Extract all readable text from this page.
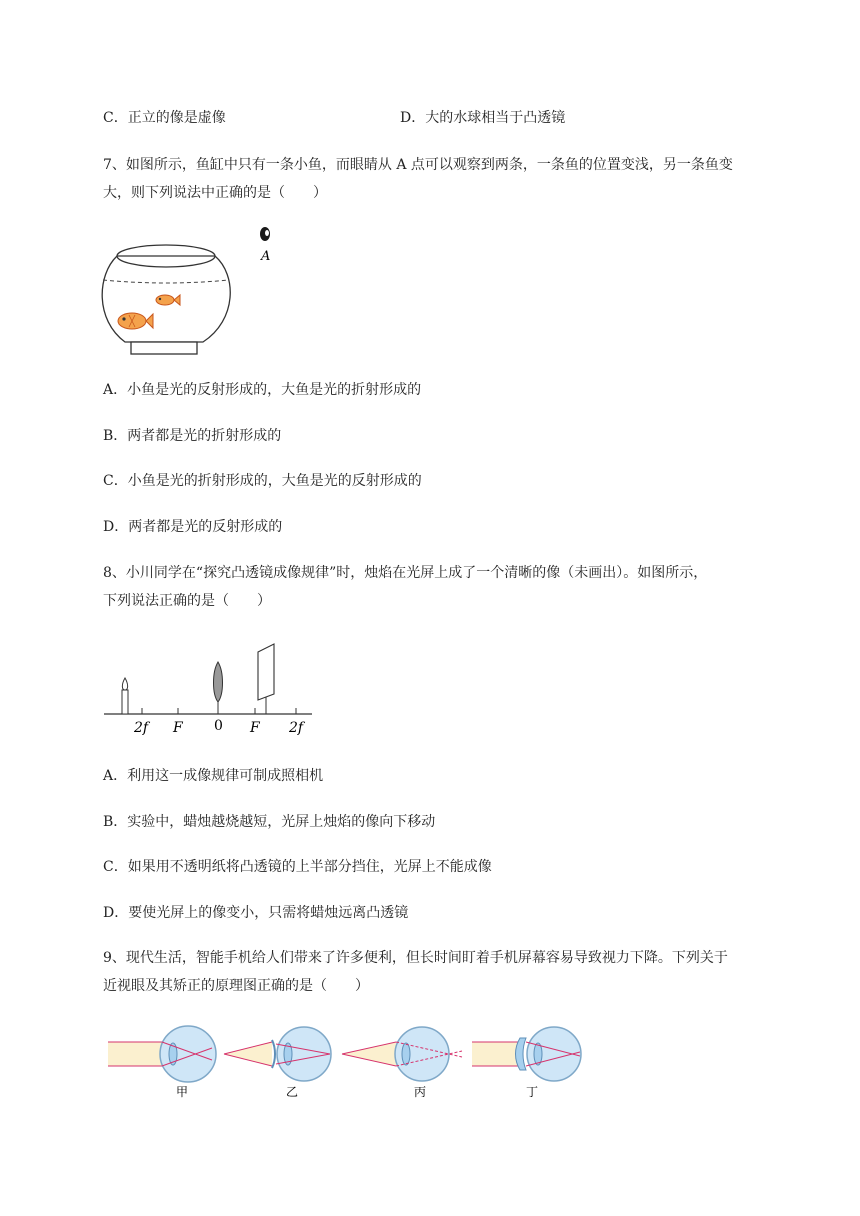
C．正立的像是虚像	D．大的水球相当于凸透镜
7、如图所示，鱼缸中只有一条小鱼，而眼睛从 A 点可以观察到两条，一条鱼的位置变浅，另一条鱼变
大，则下列说法中正确的是（　　）
A
A．小鱼是光的反射形成的，大鱼是光的折射形成的
B．两者都是光的折射形成的
C．小鱼是光的折射形成的，大鱼是光的反射形成的
D．两者都是光的反射形成的
8、小川同学在“探究凸透镜成像规律”时，烛焰在光屏上成了一个清晰的像（未画出）。如图所示，
下列说法正确的是（　　）
2f F 0 F 2f
A．利用这一成像规律可制成照相机
B．实验中，蜡烛越烧越短，光屏上烛焰的像向下移动
C．如果用不透明纸将凸透镜的上半部分挡住，光屏上不能成像
D．要使光屏上的像变小，只需将蜡烛远离凸透镜
9、现代生活，智能手机给人们带来了许多便利，但长时间盯着手机屏幕容易导致视力下降。下列关于
近视眼及其矫正的原理图正确的是（　　）
甲	乙	丙	丁
